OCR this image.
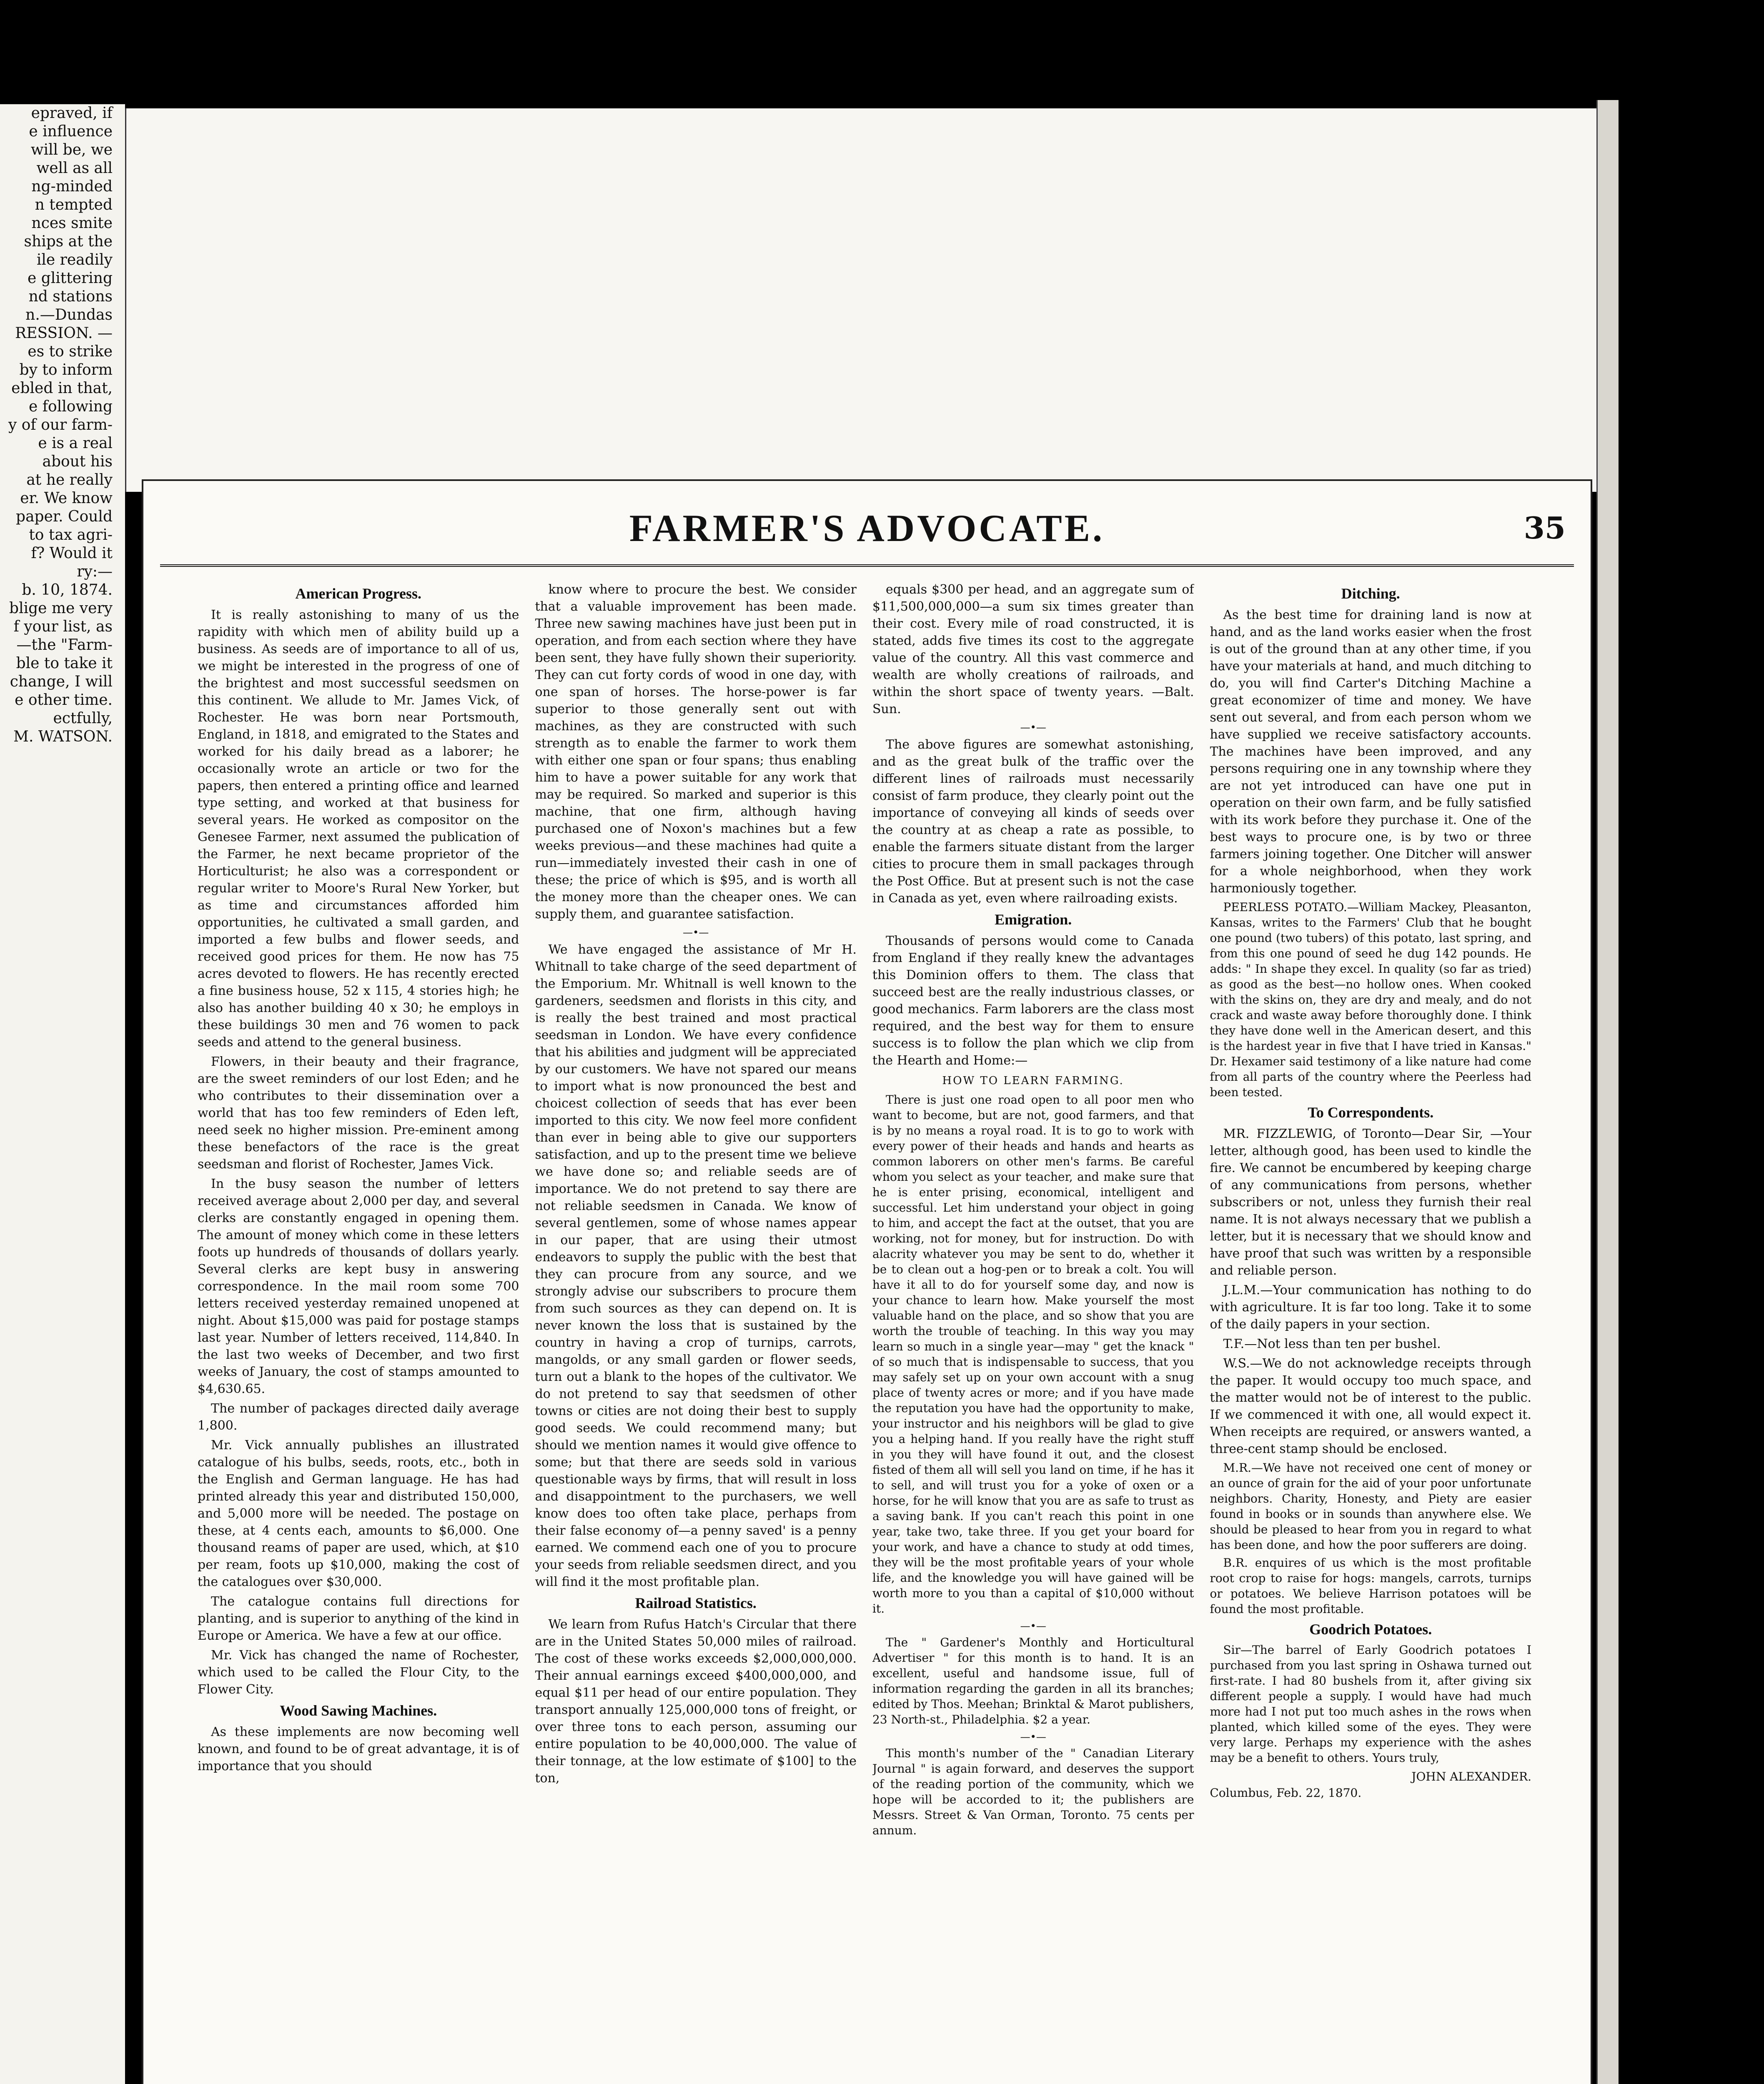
epraved, if
e influence
will be, we
well as all
ng-minded
n tempted
nces smite
ships at the
ile readily
e glittering
nd stations
n.—Dundas
RESSION. —
es to strike
by to inform
ebled in that,
e following
y of our farm-
e is a real
about his
at he really
er. We know
paper. Could
to tax agri-
f? Would it
ry:—
b. 10, 1874.
blige me very
f your list, as
—the "Farm-
ble to take it
change, I will
e other time.
ectfully,
M. WATSON.
FARMER'S ADVOCATE.	35
American Progress.

It is really astonishing to many of us the rapidity with which men of ability build up a business. As seeds are of importance to all of us, we might be interested in the progress of one of the brightest and most successful seedsmen on this continent. We allude to Mr. James Vick, of Rochester. He was born near Portsmouth, England, in 1818, and emigrated to the States and worked for his daily bread as a laborer; he occasionally wrote an article or two for the papers, then entered a printing office and learned type setting, and worked at that business for several years. He worked as compositor on the Genesee Farmer, next assumed the publication of the Farmer, he next became proprietor of the Horticulturist; he also was a correspondent or regular writer to Moore's Rural New Yorker, but as time and circumstances afforded him opportunities, he cultivated a small garden, and imported a few bulbs and flower seeds, and received good prices for them. He now has 75 acres devoted to flowers. He has recently erected a fine business house, 52 x 115, 4 stories high; he also has another building 40 x 30; he employs in these buildings 30 men and 76 women to pack seeds and attend to the general business.

Flowers, in their beauty and their fragrance, are the sweet reminders of our lost Eden; and he who contributes to their dissemination over a world that has too few reminders of Eden left, need seek no higher mission. Pre-eminent among these benefactors of the race is the great seedsman and florist of Rochester, James Vick.

In the busy season the number of letters received average about 2,000 per day, and several clerks are constantly engaged in opening them. The amount of money which come in these letters foots up hundreds of thousands of dollars yearly. Several clerks are kept busy in answering correspondence. In the mail room some 700 letters received yesterday remained unopened at night. About $15,000 was paid for postage stamps last year. Number of letters received, 114,840. In the last two weeks of December, and two first weeks of January, the cost of stamps amounted to $4,630.65.

The number of packages directed daily average 1,800.

Mr. Vick annually publishes an illustrated catalogue of his bulbs, seeds, roots, etc., both in the English and German language. He has had printed already this year and distributed 150,000, and 5,000 more will be needed. The postage on these, at 4 cents each, amounts to $6,000. One thousand reams of paper are used, which, at $10 per ream, foots up $10,000, making the cost of the catalogues over $30,000.

The catalogue contains full directions for planting, and is superior to anything of the kind in Europe or America. We have a few at our office.

Mr. Vick has changed the name of Rochester, which used to be called the Flour City, to the Flower City.

Wood Sawing Machines.

As these implements are now becoming well known, and found to be of great advantage, it is of importance that you should

know where to procure the best. We consider that a valuable improvement has been made. Three new sawing machines have just been put in operation, and from each section where they have been sent, they have fully shown their superiority. They can cut forty cords of wood in one day, with one span of horses. The horse-power is far superior to those generally sent out with machines, as they are constructed with such strength as to enable the farmer to work them with either one span or four spans; thus enabling him to have a power suitable for any work that may be required. So marked and superior is this machine, that one firm, although having purchased one of Noxon's machines but a few weeks previous—and these machines had quite a run—immediately invested their cash in one of these; the price of which is $95, and is worth all the money more than the cheaper ones. We can supply them, and guarantee satisfaction.

—•—

We have engaged the assistance of Mr H. Whitnall to take charge of the seed department of the Emporium. Mr. Whitnall is well known to the gardeners, seedsmen and florists in this city, and is really the best trained and most practical seedsman in London. We have every confidence that his abilities and judgment will be appreciated by our customers. We have not spared our means to import what is now pronounced the best and choicest collection of seeds that has ever been imported to this city. We now feel more confident than ever in being able to give our supporters satisfaction, and up to the present time we believe we have done so; and reliable seeds are of importance. We do not pretend to say there are not reliable seedsmen in Canada. We know of several gentlemen, some of whose names appear in our paper, that are using their utmost endeavors to supply the public with the best that they can procure from any source, and we strongly advise our subscribers to procure them from such sources as they can depend on. It is never known the loss that is sustained by the country in having a crop of turnips, carrots, mangolds, or any small garden or flower seeds, turn out a blank to the hopes of the cultivator. We do not pretend to say that seedsmen of other towns or cities are not doing their best to supply good seeds. We could recommend many; but should we mention names it would give offence to some; but that there are seeds sold in various questionable ways by firms, that will result in loss and disappointment to the purchasers, we well know does too often take place, perhaps from their false economy of—a penny saved' is a penny earned. We commend each one of you to procure your seeds from reliable seedsmen direct, and you will find it the most profitable plan.

Railroad Statistics.

We learn from Rufus Hatch's Circular that there are in the United States 50,000 miles of railroad. The cost of these works exceeds $2,000,000,000. Their annual earnings exceed $400,000,000, and equal $11 per head of our entire population. They transport annually 125,000,000 tons of freight, or over three tons to each person, assuming our entire population to be 40,000,000. The value of their tonnage, at the low estimate of $100] to the ton,

equals $300 per head, and an aggregate sum of $11,500,000,000—a sum six times greater than their cost. Every mile of road constructed, it is stated, adds five times its cost to the aggregate value of the country. All this vast commerce and wealth are wholly creations of railroads, and within the short space of twenty years. —Balt. Sun.

—•—

The above figures are somewhat astonishing, and as the great bulk of the traffic over the different lines of railroads must necessarily consist of farm produce, they clearly point out the importance of conveying all kinds of seeds over the country at as cheap a rate as possible, to enable the farmers situate distant from the larger cities to procure them in small packages through the Post Office. But at present such is not the case in Canada as yet, even where railroading exists.

Emigration.

Thousands of persons would come to Canada from England if they really knew the advantages this Dominion offers to them. The class that succeed best are the really industrious classes, or good mechanics. Farm laborers are the class most required, and the best way for them to ensure success is to follow the plan which we clip from the Hearth and Home:—

HOW TO LEARN FARMING.

There is just one road open to all poor men who want to become, but are not, good farmers, and that is by no means a royal road. It is to go to work with every power of their heads and hands and hearts as common laborers on other men's farms. Be careful whom you select as your teacher, and make sure that he is enter prising, economical, intelligent and successful. Let him understand your object in going to him, and accept the fact at the outset, that you are working, not for money, but for instruction. Do with alacrity whatever you may be sent to do, whether it be to clean out a hog-pen or to break a colt. You will have it all to do for yourself some day, and now is your chance to learn how. Make yourself the most valuable hand on the place, and so show that you are worth the trouble of teaching. In this way you may learn so much in a single year—may " get the knack " of so much that is indispensable to success, that you may safely set up on your own account with a snug place of twenty acres or more; and if you have made the reputation you have had the opportunity to make, your instructor and his neighbors will be glad to give you a helping hand. If you really have the right stuff in you they will have found it out, and the closest fisted of them all will sell you land on time, if he has it to sell, and will trust you for a yoke of oxen or a horse, for he will know that you are as safe to trust as a saving bank. If you can't reach this point in one year, take two, take three. If you get your board for your work, and have a chance to study at odd times, they will be the most profitable years of your whole life, and the knowledge you will have gained will be worth more to you than a capital of $10,000 without it.

—•—

The " Gardener's Monthly and Horticultural Advertiser " for this month is to hand. It is an excellent, useful and handsome issue, full of information regarding the garden in all its branches; edited by Thos. Meehan; Brinktal & Marot publishers, 23 North-st., Philadelphia. $2 a year.

—•—

This month's number of the " Canadian Literary Journal " is again forward, and deserves the support of the reading portion of the community, which we hope will be accorded to it; the publishers are Messrs. Street & Van Orman, Toronto. 75 cents per annum.

Ditching.

As the best time for draining land is now at hand, and as the land works easier when the frost is out of the ground than at any other time, if you have your materials at hand, and much ditching to do, you will find Carter's Ditching Machine a great economizer of time and money. We have sent out several, and from each person whom we have supplied we receive satisfactory accounts. The machines have been improved, and any persons requiring one in any township where they are not yet introduced can have one put in operation on their own farm, and be fully satisfied with its work before they purchase it. One of the best ways to procure one, is by two or three farmers joining together. One Ditcher will answer for a whole neighborhood, when they work harmoniously together.

PEERLESS POTATO.—William Mackey, Pleasanton, Kansas, writes to the Farmers' Club that he bought one pound (two tubers) of this potato, last spring, and from this one pound of seed he dug 142 pounds. He adds: " In shape they excel. In quality (so far as tried) as good as the best—no hollow ones. When cooked with the skins on, they are dry and mealy, and do not crack and waste away before thoroughly done. I think they have done well in the American desert, and this is the hardest year in five that I have tried in Kansas." Dr. Hexamer said testimony of a like nature had come from all parts of the country where the Peerless had been tested.

To Correspondents.

MR. FIZZLEWIG, of Toronto—Dear Sir, —Your letter, although good, has been used to kindle the fire. We cannot be encumbered by keeping charge of any communications from persons, whether subscribers or not, unless they furnish their real name. It is not always necessary that we publish a letter, but it is necessary that we should know and have proof that such was written by a responsible and reliable person.

J.L.M.—Your communication has nothing to do with agriculture. It is far too long. Take it to some of the daily papers in your section.

T.F.—Not less than ten per bushel.

W.S.—We do not acknowledge receipts through the paper. It would occupy too much space, and the matter would not be of interest to the public. If we commenced it with one, all would expect it. When receipts are required, or answers wanted, a three-cent stamp should be enclosed.

M.R.—We have not received one cent of money or an ounce of grain for the aid of your poor unfortunate neighbors. Charity, Honesty, and Piety are easier found in books or in sounds than anywhere else. We should be pleased to hear from you in regard to what has been done, and how the poor sufferers are doing.

B.R. enquires of us which is the most profitable root crop to raise for hogs: mangels, carrots, turnips or potatoes. We believe Harrison potatoes will be found the most profitable.

Goodrich Potatoes.

Sir—The barrel of Early Goodrich potatoes I purchased from you last spring in Oshawa turned out first-rate. I had 80 bushels from it, after giving six different people a supply. I would have had much more had I not put too much ashes in the rows when planted, which killed some of the eyes. They were very large. Perhaps my experience with the ashes may be a benefit to others. Yours truly,

JOHN ALEXANDER.
Columbus, Feb. 22, 1870.
